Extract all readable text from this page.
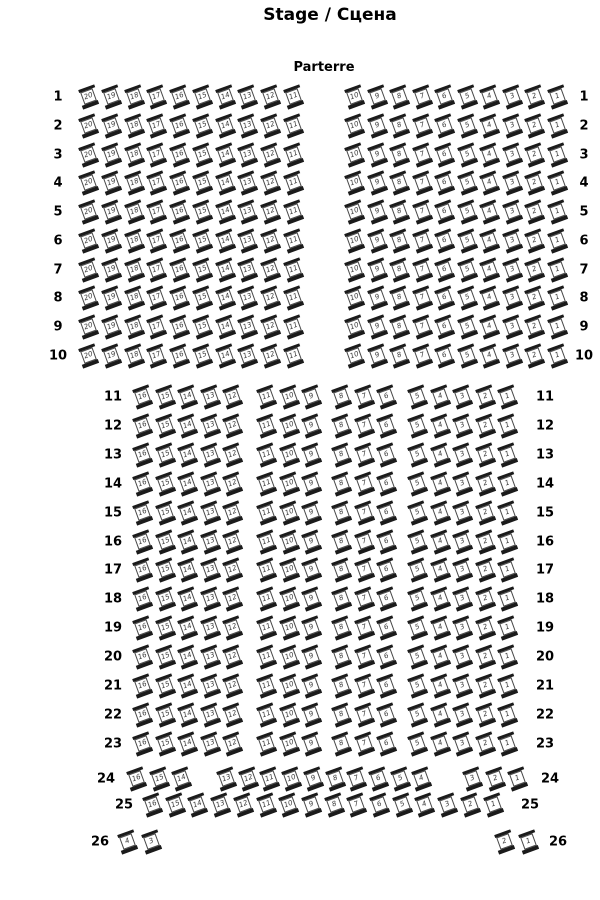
Stage / Сцена
Parterre
1	1
20	19	18	17	16	15	14	13	12	11	10	9	8	7	6	5	4	3	2	1
2	2
20	19	18	17	16	15	14	13	12	11	10	9	8	7	6	5	4	3	2	1
3	3
20	19	18	17	16	15	14	13	12	11	10	9	8	7	6	5	4	3	2	1
4	4
20	19	18	17	16	15	14	13	12	11	10	9	8	7	6	5	4	3	2	1
5	5
20	19	18	17	16	15	14	13	12	11	10	9	8	7	6	5	4	3	2	1
6	6
20	19	18	17	16	15	14	13	12	11	10	9	8	7	6	5	4	3	2	1
7	7
20	19	18	17	16	15	14	13	12	11	10	9	8	7	6	5	4	3	2	1
8	8
20	19	18	17	16	15	14	13	12	11	10	9	8	7	6	5	4	3	2	1
9	9
20	19	18	17	16	15	14	13	12	11	10	9	8	7	6	5	4	3	2	1
10	10
20	19	18	17	16	15	14	13	12	11	10	9	8	7	6	5	4	3	2	1
11	11
16	15	14	13	12	11	10	9	8	7	6	5	4	3	2	1
12	12
16	15	14	13	12	11	10	9	8	7	6	5	4	3	2	1
13	13
16	15	14	13	12	11	10	9	8	7	6	5	4	3	2	1
14	14
16	15	14	13	12	11	10	9	8	7	6	5	4	3	2	1
15	15
16	15	14	13	12	11	10	9	8	7	6	5	4	3	2	1
16	16
16	15	14	13	12	11	10	9	8	7	6	5	4	3	2	1
17	17
16	15	14	13	12	11	10	9	8	7	6	5	4	3	2	1
18	18
16	15	14	13	12	11	10	9	8	7	6	5	4	3	2	1
19	19
16	15	14	13	12	11	10	9	8	7	6	5	4	3	2	1
20	20
16	15	14	13	12	11	10	9	8	7	6	5	4	3	2	1
21	21
16	15	14	13	12	11	10	9	8	7	6	5	4	3	2	1
22	22
16	15	14	13	12	11	10	9	8	7	6	5	4	3	2	1
23	23
16	15	14	13	12	11	10	9	8	7	6	5	4	3	2	1
24	24
16	15	14	13	12	11	10	9	8	7	6	5	4	3	2	1
25	25
16	15	14	13	12	11	10	9	8	7	6	5	4	3	2	1
26	26
4	3	2	1
